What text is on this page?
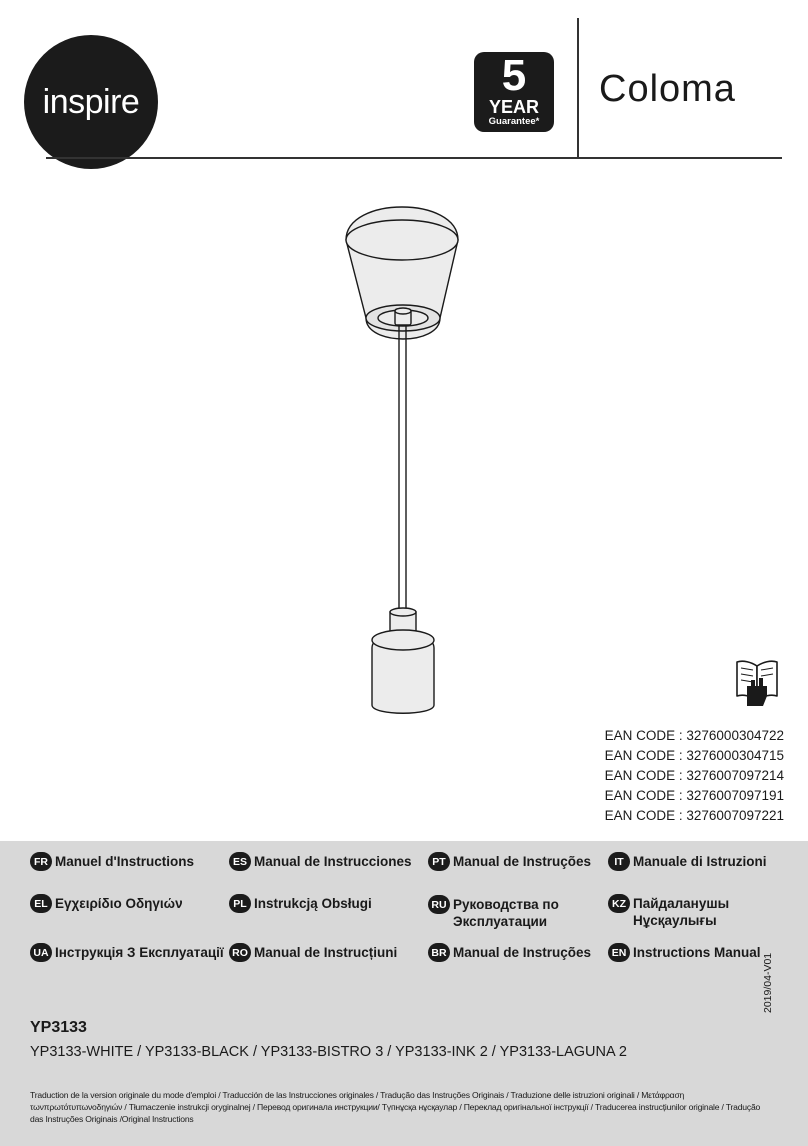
inspire
5
YEAR
Guarantee*
Coloma
EAN CODE : 3276000304722
EAN CODE : 3276000304715
EAN CODE : 3276007097214
EAN CODE : 3276007097191
EAN CODE : 3276007097221
FR Manuel d'Instructions	ES Manual de Instrucciones	PT Manual de Instruções	IT Manuale di Istruzioni
EL Εγχειρίδιο Οδηγιών	PL Instrukcją Obsługi	RU Руководства по Эксплуатации
KZ Пайдаланушы Нұсқаулығы
UA Інструкція З Експлуатації RO Manual de Instrucțiuni	BR Manual de Instruções	EN Instructions Manual
2019/04-V01
YP3133
YP3133-WHITE / YP3133-BLACK / YP3133-BISTRO 3 / YP3133-INK 2 / YP3133-LAGUNA 2
Traduction de la version originale du mode d'emploi / Traducción de las Instrucciones originales / Tradução das Instruções Originais / Traduzione delle istruzioni originali / Μετάφραση τωνπρωτότυπωνοδηγιών / Tłumaczenie instrukcji oryginalnej / Перевод оригинала инструкции/ Түпнұсқа нұсқаулар / Переклад оригінальної інструкції / Traducerea instrucțiunilor originale / Tradução das Instruções Originais /Original Instructions
